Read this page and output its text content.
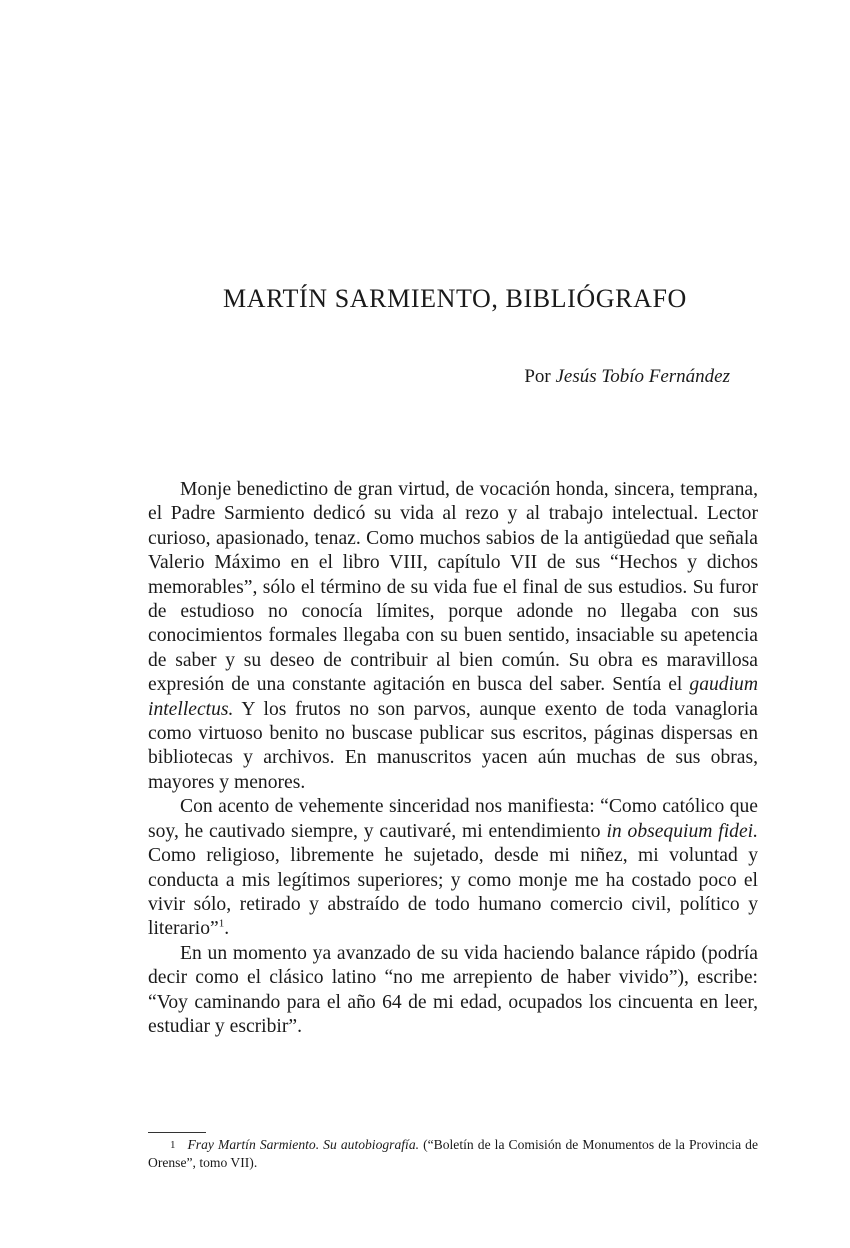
MARTÍN SARMIENTO, BIBLIÓGRAFO
Por Jesús Tobío Fernández

Monje benedictino de gran virtud, de vocación honda, sincera, temprana, el Padre Sarmiento dedicó su vida al rezo y al trabajo intelectual. Lector curioso, apasionado, tenaz. Como muchos sabios de la antigüedad que señala Valerio Máximo en el libro VIII, capítulo VII de sus “Hechos y dichos memorables”, sólo el término de su vida fue el final de sus estudios. Su furor de estudioso no conocía límites, porque adonde no llegaba con sus conocimientos formales llegaba con su buen sentido, insaciable su apetencia de saber y su deseo de contribuir al bien común. Su obra es maravillosa expresión de una constante agitación en busca del saber. Sentía el gaudium intellectus. Y los frutos no son parvos, aunque exento de toda vanagloria como virtuoso benito no buscase publicar sus escritos, páginas dispersas en bibliotecas y archivos. En manuscritos yacen aún muchas de sus obras, mayores y menores.

Con acento de vehemente sinceridad nos manifiesta: “Como católico que soy, he cautivado siempre, y cautivaré, mi entendimiento in obsequium fidei. Como religioso, libremente he sujetado, desde mi niñez, mi voluntad y conducta a mis legítimos superiores; y como monje me ha costado poco el vivir sólo, retirado y abstraído de todo humano comercio civil, político y literario”$^1$.

En un momento ya avanzado de su vida haciendo balance rápido (podría decir como el clásico latino “no me arrepiento de haber vivido”), escribe: “Voy caminando para el año 64 de mi edad, ocupados los cincuenta en leer, estudiar y escribir”.

$^1$ Fray Martín Sarmiento. Su autobiografía. (“Boletín de la Comisión de Monumentos de la Provincia de Orense”, tomo VII).
